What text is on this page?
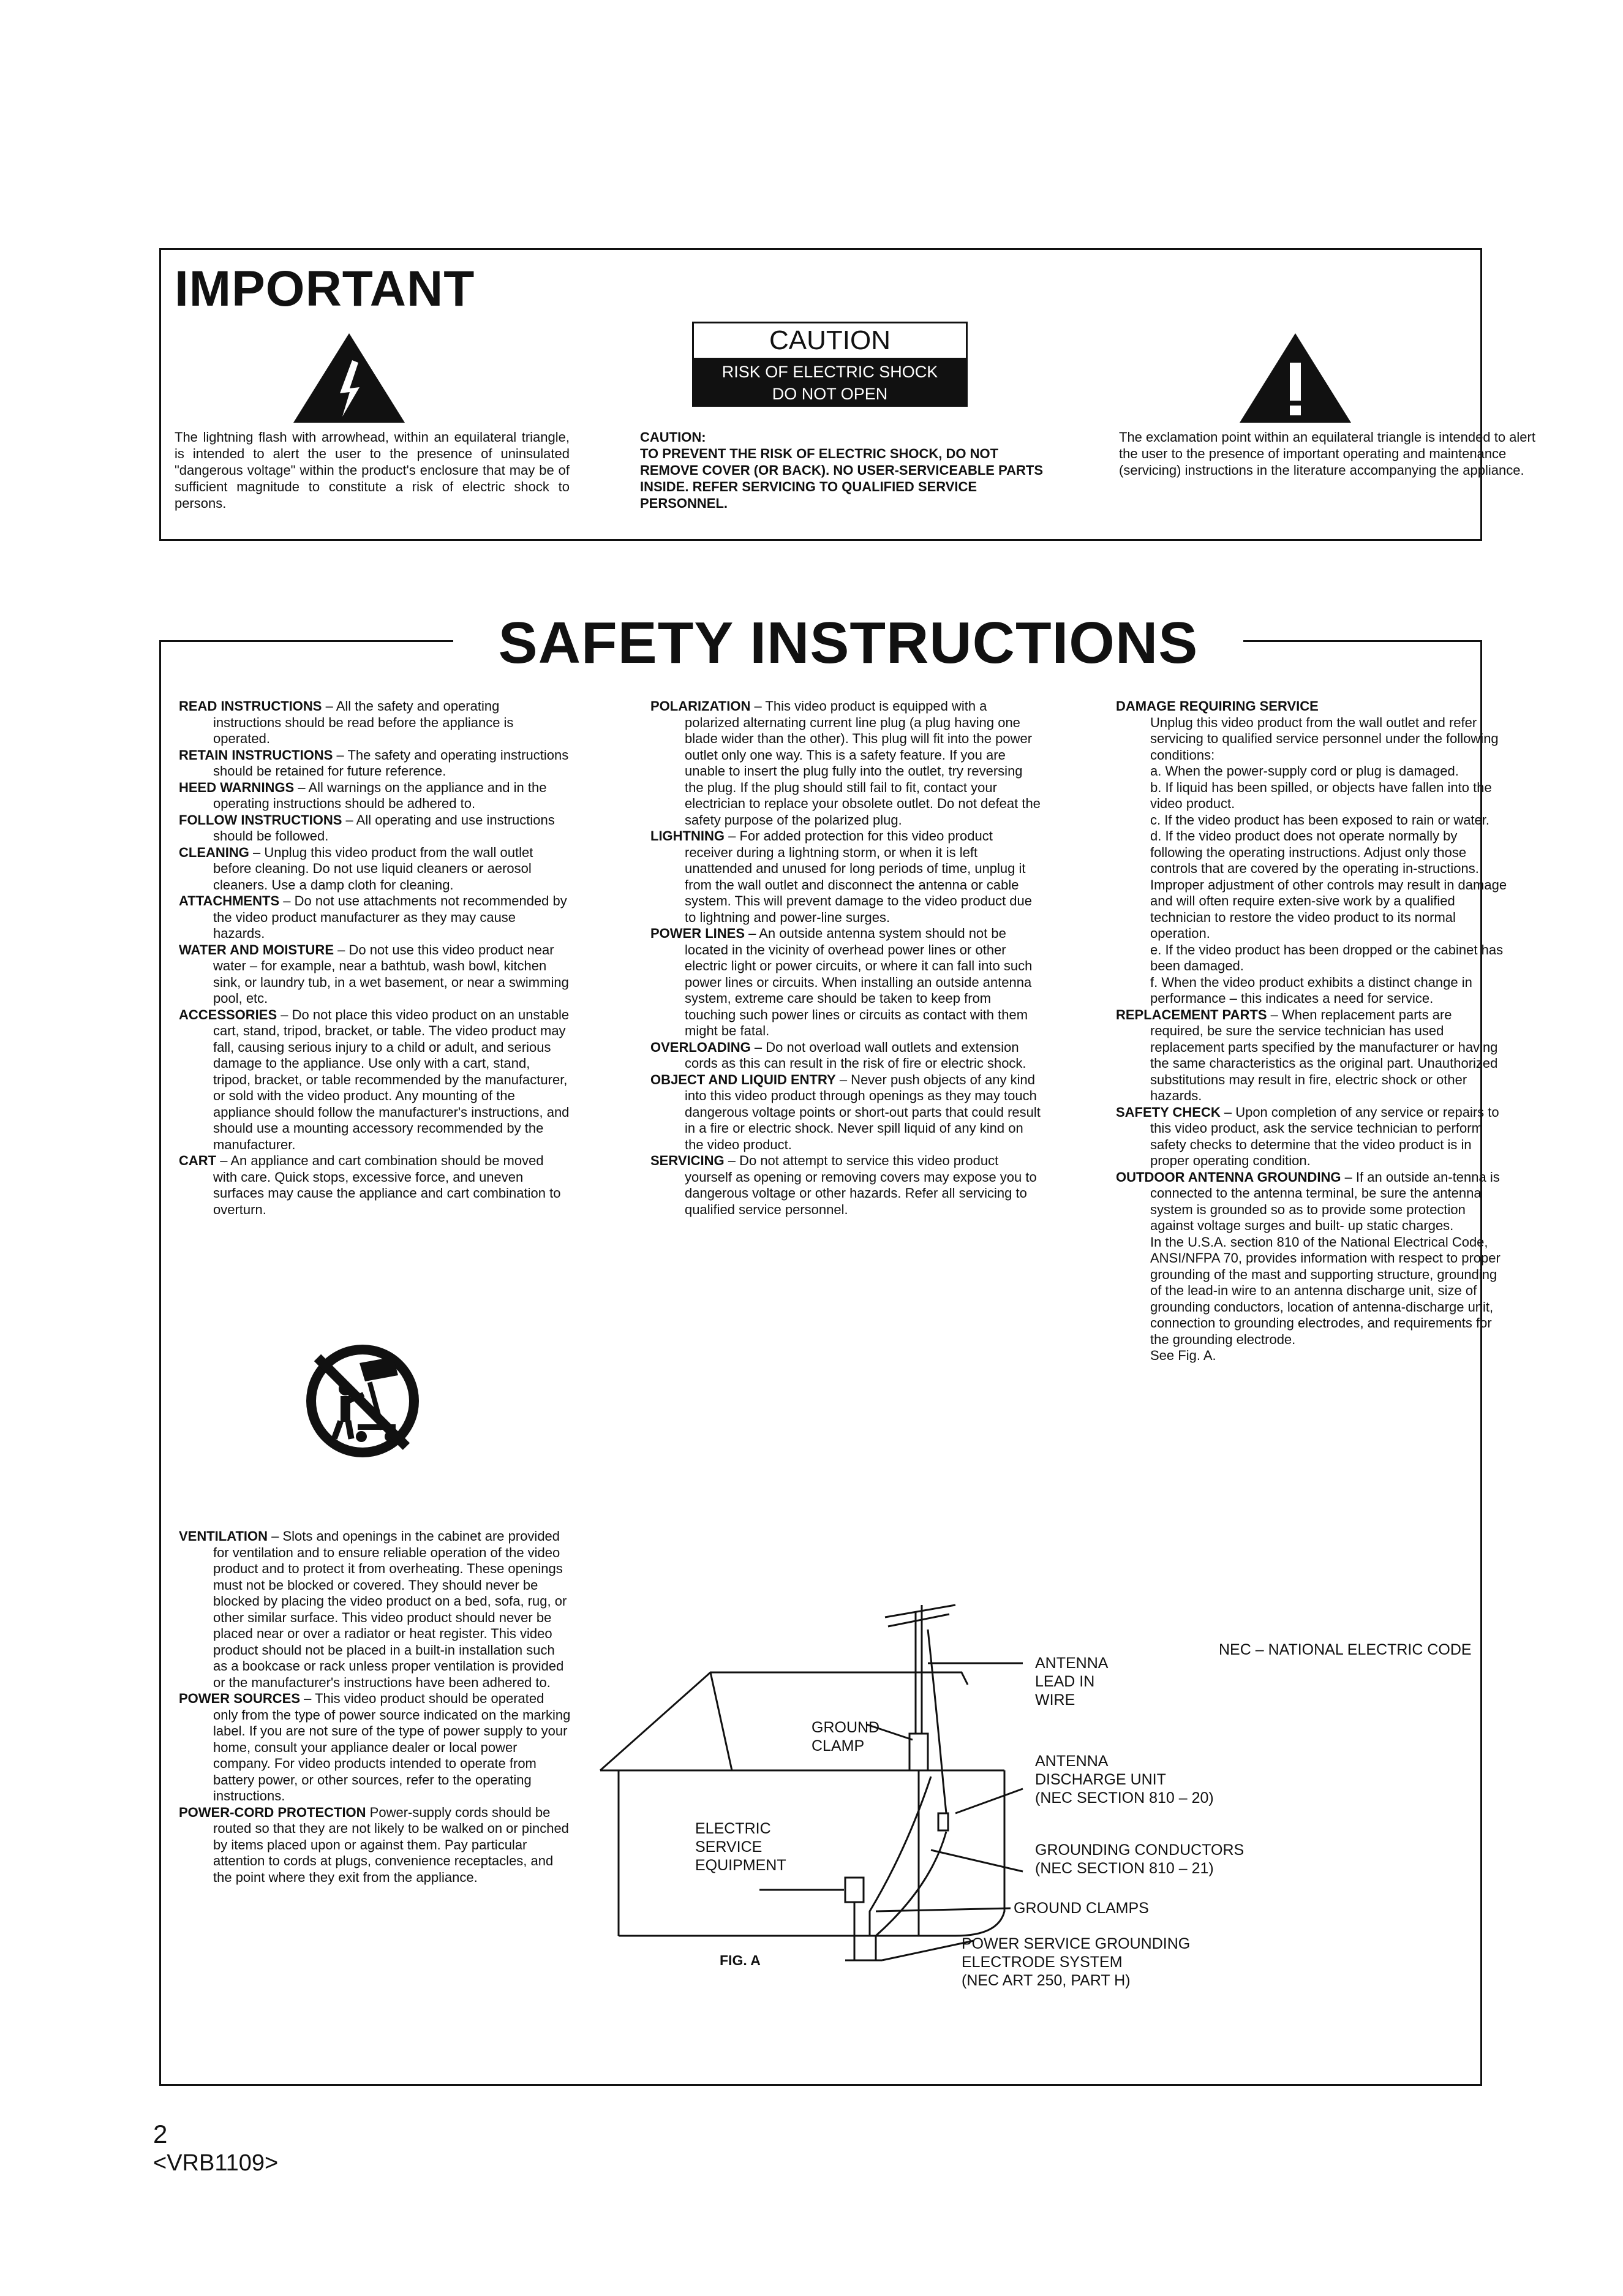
IMPORTANT
The lightning flash with arrowhead, within an equilateral triangle, is intended to alert the user to the presence of uninsulated "dangerous voltage" within the product's enclosure that may be of sufficient magnitude to constitute a risk of electric shock to persons.
CAUTION
RISK OF ELECTRIC SHOCK
DO NOT OPEN
CAUTION:
TO PREVENT THE RISK OF ELECTRIC SHOCK, DO NOT REMOVE COVER (OR BACK). NO USER-SERVICEABLE PARTS INSIDE. REFER SERVICING TO QUALIFIED SERVICE PERSONNEL.
The exclamation point within an equilateral triangle is intended to alert the user to the presence of important operating and maintenance (servicing) instructions in the literature accompanying the appliance.
SAFETY INSTRUCTIONS

READ INSTRUCTIONS – All the safety and operating instructions should be read before the appliance is operated.

RETAIN INSTRUCTIONS – The safety and operating instructions should be retained for future reference.

HEED WARNINGS – All warnings on the appliance and in the operating instructions should be adhered to.

FOLLOW INSTRUCTIONS – All operating and use instructions should be followed.

CLEANING – Unplug this video product from the wall outlet before cleaning. Do not use liquid cleaners or aerosol cleaners. Use a damp cloth for cleaning.

ATTACHMENTS – Do not use attachments not recommended by the video product manufacturer as they may cause hazards.

WATER AND MOISTURE – Do not use this video product near water – for example, near a bathtub, wash bowl, kitchen sink, or laundry tub, in a wet basement, or near a swimming pool, etc.

ACCESSORIES – Do not place this video product on an unstable cart, stand, tripod, bracket, or table. The video product may fall, causing serious injury to a child or adult, and serious damage to the appliance. Use only with a cart, stand, tripod, bracket, or table recommended by the manufacturer, or sold with the video product. Any mounting of the appliance should follow the manufacturer's instructions, and should use a mounting accessory recommended by the manufacturer.

CART – An appliance and cart combination should be moved with care. Quick stops, excessive force, and uneven surfaces may cause the appliance and cart combination to overturn.

VENTILATION – Slots and openings in the cabinet are provided for ventilation and to ensure reliable operation of the video product and to protect it from overheating. These openings must not be blocked or covered. They should never be blocked by placing the video product on a bed, sofa, rug, or other similar surface. This video product should never be placed near or over a radiator or heat register. This video product should not be placed in a built-in installation such as a bookcase or rack unless proper ventilation is provided or the manufacturer's instructions have been adhered to.

POWER SOURCES – This video product should be operated only from the type of power source indicated on the marking label. If you are not sure of the type of power supply to your home, consult your appliance dealer or local power company. For video products intended to operate from battery power, or other sources, refer to the operating instructions.

POWER-CORD PROTECTION Power-supply cords should be routed so that they are not likely to be walked on or pinched by items placed upon or against them. Pay particular attention to cords at plugs, convenience receptacles, and the point where they exit from the appliance.

POLARIZATION – This video product is equipped with a polarized alternating current line plug (a plug having one blade wider than the other). This plug will fit into the power outlet only one way. This is a safety feature. If you are unable to insert the plug fully into the outlet, try reversing the plug. If the plug should still fail to fit, contact your electrician to replace your obsolete outlet. Do not defeat the safety purpose of the polarized plug.

LIGHTNING – For added protection for this video product receiver during a lightning storm, or when it is left unattended and unused for long periods of time, unplug it from the wall outlet and disconnect the antenna or cable system. This will prevent damage to the video product due to lightning and power-line surges.

POWER LINES – An outside antenna system should not be located in the vicinity of overhead power lines or other electric light or power circuits, or where it can fall into such power lines or circuits. When installing an outside antenna system, extreme care should be taken to keep from touching such power lines or circuits as contact with them might be fatal.

OVERLOADING – Do not overload wall outlets and extension cords as this can result in the risk of fire or electric shock.

OBJECT AND LIQUID ENTRY – Never push objects of any kind into this video product through openings as they may touch dangerous voltage points or short-out parts that could result in a fire or electric shock. Never spill liquid of any kind on the video product.

SERVICING – Do not attempt to service this video product yourself as opening or removing covers may expose you to dangerous voltage or other hazards. Refer all servicing to qualified service personnel.

DAMAGE REQUIRING SERVICE

Unplug this video product from the wall outlet and refer servicing to qualified service personnel under the following conditions:

a. When the power-supply cord or plug is damaged.

b. If liquid has been spilled, or objects have fallen into the video product.

c. If the video product has been exposed to rain or water.

d. If the video product does not operate normally by following the operating instructions. Adjust only those controls that are covered by the operating in-structions. Improper adjustment of other controls may result in damage and will often require exten-sive work by a qualified technician to restore the video product to its normal operation.

e. If the video product has been dropped or the cabinet has been damaged.

f. When the video product exhibits a distinct change in performance – this indicates a need for service.

REPLACEMENT PARTS – When replacement parts are required, be sure the service technician has used replacement parts specified by the manufacturer or having the same characteristics as the original part. Unauthorized substitutions may result in fire, electric shock or other hazards.

SAFETY CHECK – Upon completion of any service or repairs to this video product, ask the service technician to perform safety checks to determine that the video product is in proper operating condition.

OUTDOOR ANTENNA GROUNDING – If an outside an-tenna is connected to the antenna terminal, be sure the antenna system is grounded so as to provide some protection against voltage surges and built- up static charges.

In the U.S.A. section 810 of the National Electrical Code, ANSI/NFPA 70, provides information with respect to proper grounding of the mast and supporting structure, grounding of the lead-in wire to an antenna discharge unit, size of grounding conductors, location of antenna-discharge unit, connection to grounding electrodes, and requirements for the grounding electrode.

See Fig. A.

NEC – NATIONAL ELECTRIC CODE
ANTENNA
LEAD IN
WIRE
GROUND
CLAMP
ANTENNA
DISCHARGE UNIT
(NEC SECTION 810 – 20)
ELECTRIC
SERVICE
EQUIPMENT
GROUNDING CONDUCTORS
(NEC SECTION 810 – 21)
GROUND CLAMPS
POWER SERVICE GROUNDING
ELECTRODE SYSTEM
(NEC ART 250, PART H)
FIG. A
2
<VRB1109>
